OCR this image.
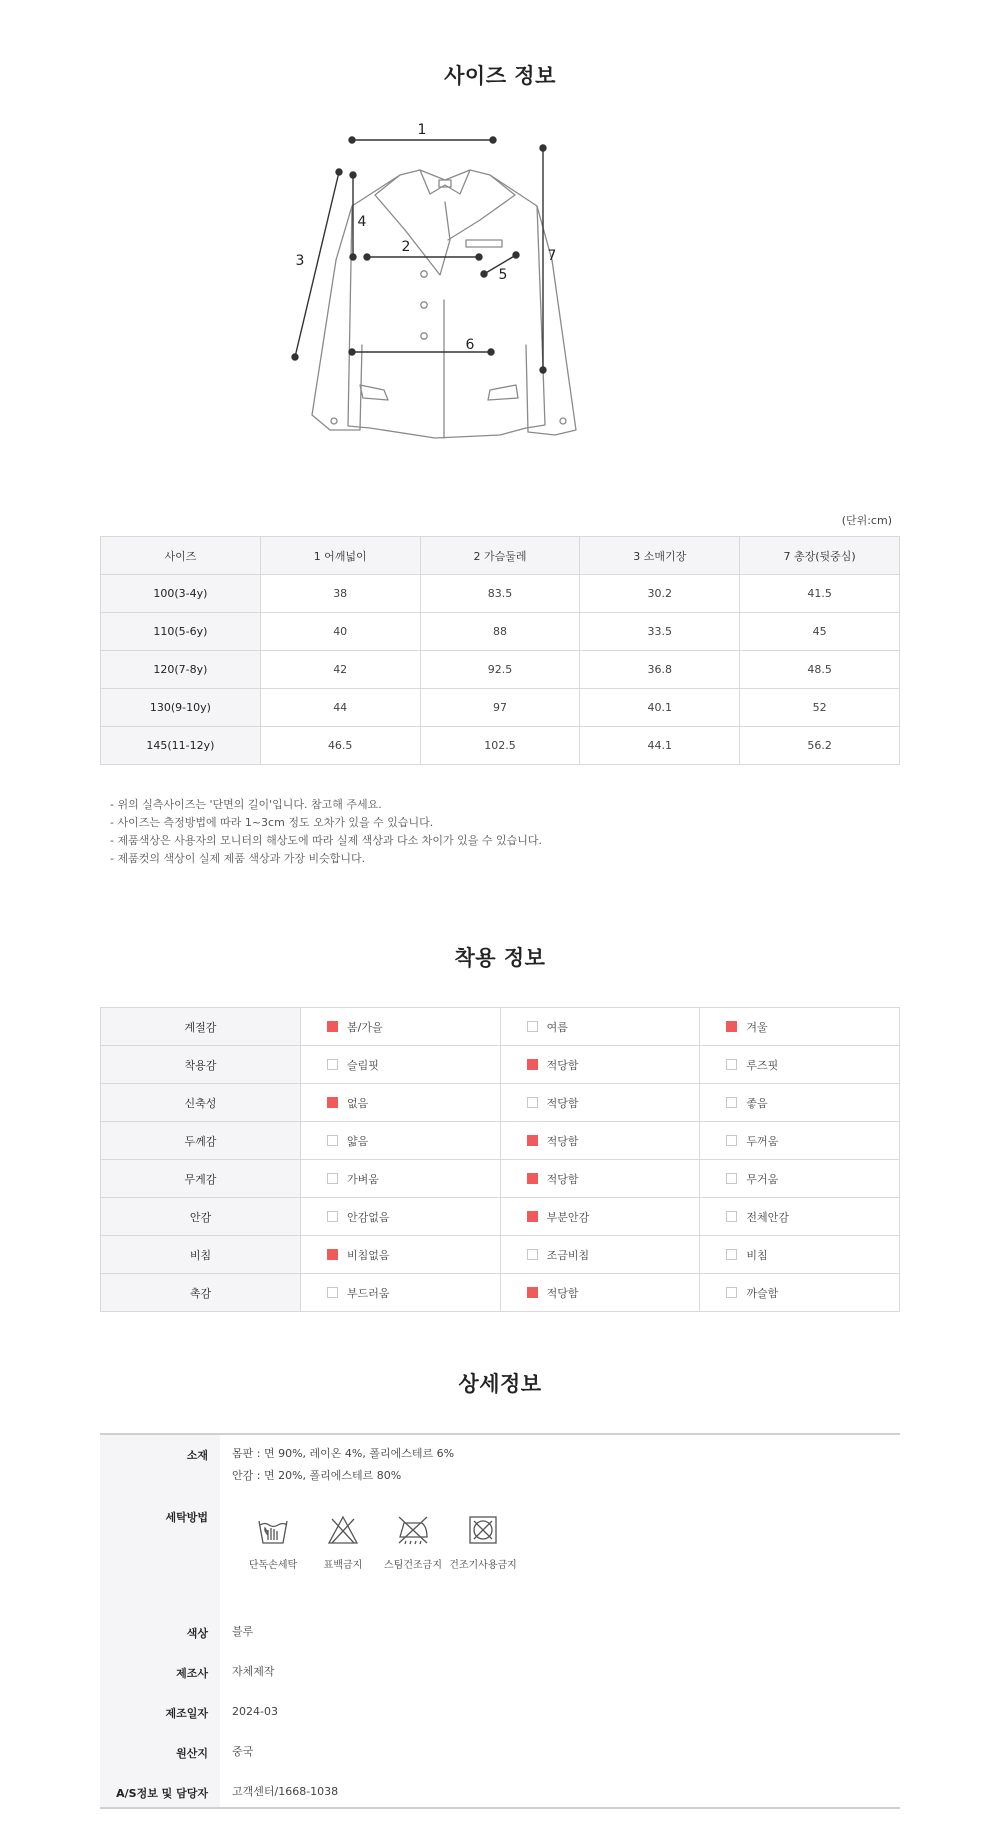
사이즈 정보
1
2
3
4
5
6
7
(단위:cm)
사이즈	1 어깨넓이	2 가슴둘레	3 소매기장	7 총장(뒷중심)
100(3-4y)	38	83.5	30.2	41.5
110(5-6y)	40	88	33.5	45
120(7-8y)	42	92.5	36.8	48.5
130(9-10y)	44	97	40.1	52
145(11-12y)	46.5	102.5	44.1	56.2
- 위의 실측사이즈는 '단면의 길이'입니다. 참고해 주세요.
- 사이즈는 측정방법에 따라 1~3cm 정도 오차가 있을 수 있습니다.
- 제품색상은 사용자의 모니터의 해상도에 따라 실제 색상과 다소 차이가 있을 수 있습니다.
- 제품컷의 색상이 실제 제품 색상과 가장 비슷합니다.
착용 정보
계절감	봄/가을	여름	겨울
착용감	슬림핏	적당함	루즈핏
신축성	없음	적당함	좋음
두께감	얇음	적당함	두꺼움
무게감	가벼움	적당함	무거움
안감	안감없음	부분안감	전체안감
비침	비침없음	조금비침	비침
촉감	부드러움	적당함	까슬함
상세정보
소재 몸판 : 면 90%, 레이온 4%, 폴리에스테르 6%
안감 : 면 20%, 폴리에스테르 80%
세탁방법
단독손세탁	표백금지	스팀건조금지 건조기사용금지
색상 블루
제조사 자체제작
제조일자 2024-03
원산지 중국
A/S정보 및 담당자 고객센터/1668-1038
